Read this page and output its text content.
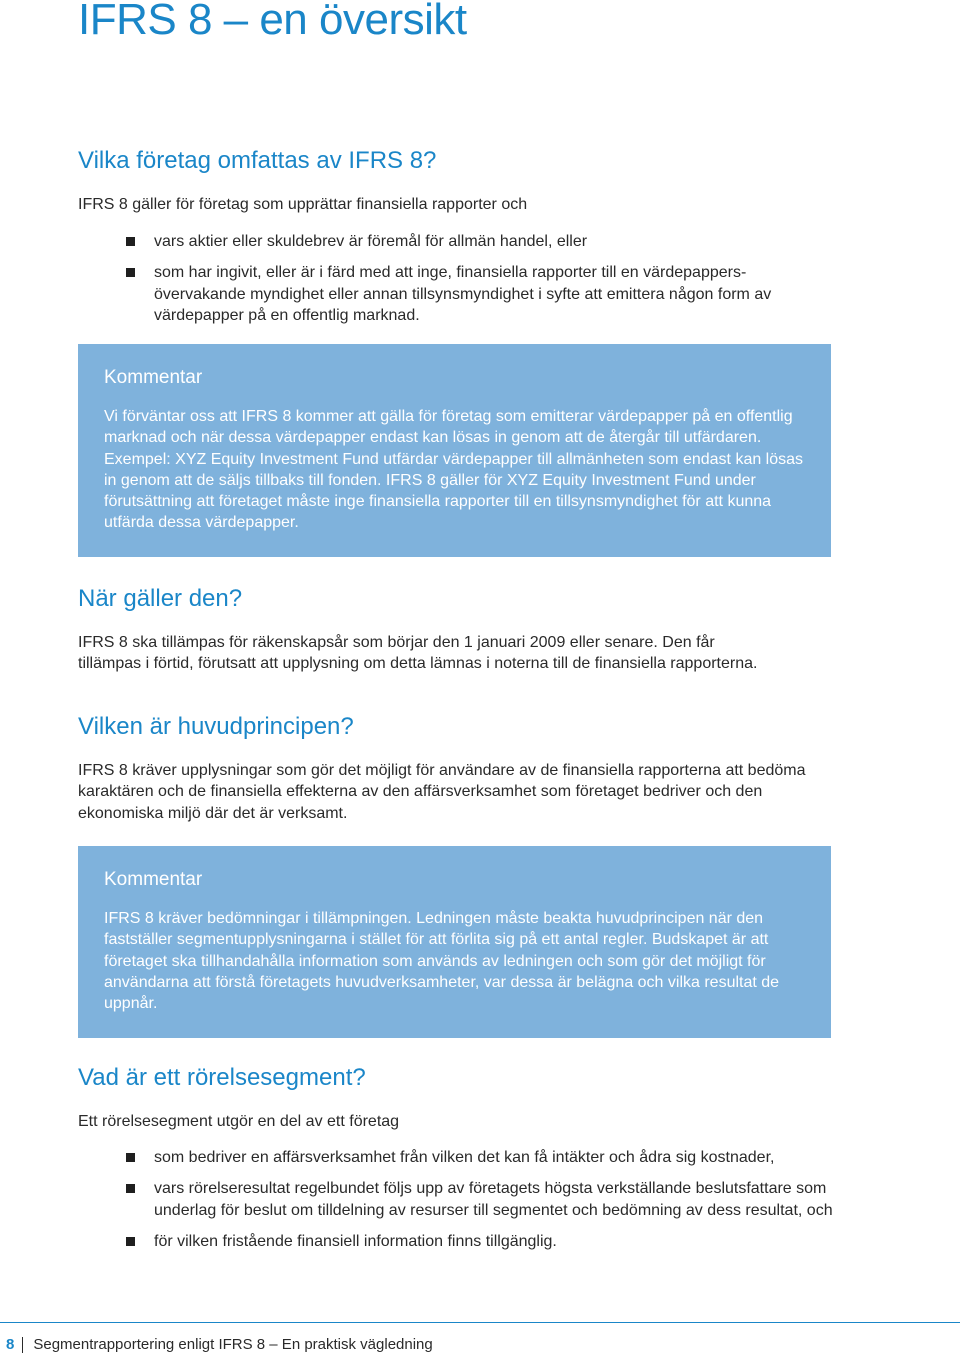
IFRS 8 – en översikt
Vilka företag omfattas av IFRS 8?

IFRS 8 gäller för företag som upprättar finansiella rapporter och

vars aktier eller skuldebrev är föremål för allmän handel, eller
som har ingivit, eller är i färd med att inge, finansiella rapporter till en värdepappers-övervakande myndighet eller annan tillsynsmyndighet i syfte att emittera någon form av värdepapper på en offentlig marknad.
Kommentar

Vi förväntar oss att IFRS 8 kommer att gälla för företag som emitterar värdepapper på en offentlig marknad och när dessa värdepapper endast kan lösas in genom att de återgår till utfärdaren. Exempel: XYZ Equity Investment Fund utfärdar värdepapper till allmänheten som endast kan lösas in genom att de säljs tillbaks till fonden. IFRS 8 gäller för XYZ Equity Investment Fund under förutsättning att företaget måste inge finansiella rapporter till en tillsynsmyndighet för att kunna utfärda dessa värdepapper.

När gäller den?

IFRS 8 ska tillämpas för räkenskapsår som börjar den 1 januari 2009 eller senare. Den får tillämpas i förtid, förutsatt att upplysning om detta lämnas i noterna till de finansiella rapporterna.

Vilken är huvudprincipen?

IFRS 8 kräver upplysningar som gör det möjligt för användare av de finansiella rapporterna att bedöma karaktären och de finansiella effekterna av den affärsverksamhet som företaget bedriver och den ekonomiska miljö där det är verksamt.

Kommentar

IFRS 8 kräver bedömningar i tillämpningen. Ledningen måste beakta huvudprincipen när den fastställer segmentupplysningarna i stället för att förlita sig på ett antal regler. Budskapet är att företaget ska tillhandahålla information som används av ledningen och som gör det möjligt för användarna att förstå företagets huvudverksamheter, var dessa är belägna och vilka resultat de uppnår.

Vad är ett rörelsesegment?

Ett rörelsesegment utgör en del av ett företag

som bedriver en affärsverksamhet från vilken det kan få intäkter och ådra sig kostnader,
vars rörelseresultat regelbundet följs upp av företagets högsta verkställande beslutsfattare som underlag för beslut om tilldelning av resurser till segmentet och bedömning av dess resultat, och
för vilken fristående finansiell information finns tillgänglig.
8 Segmentrapportering enligt IFRS 8 – En praktisk vägledning
